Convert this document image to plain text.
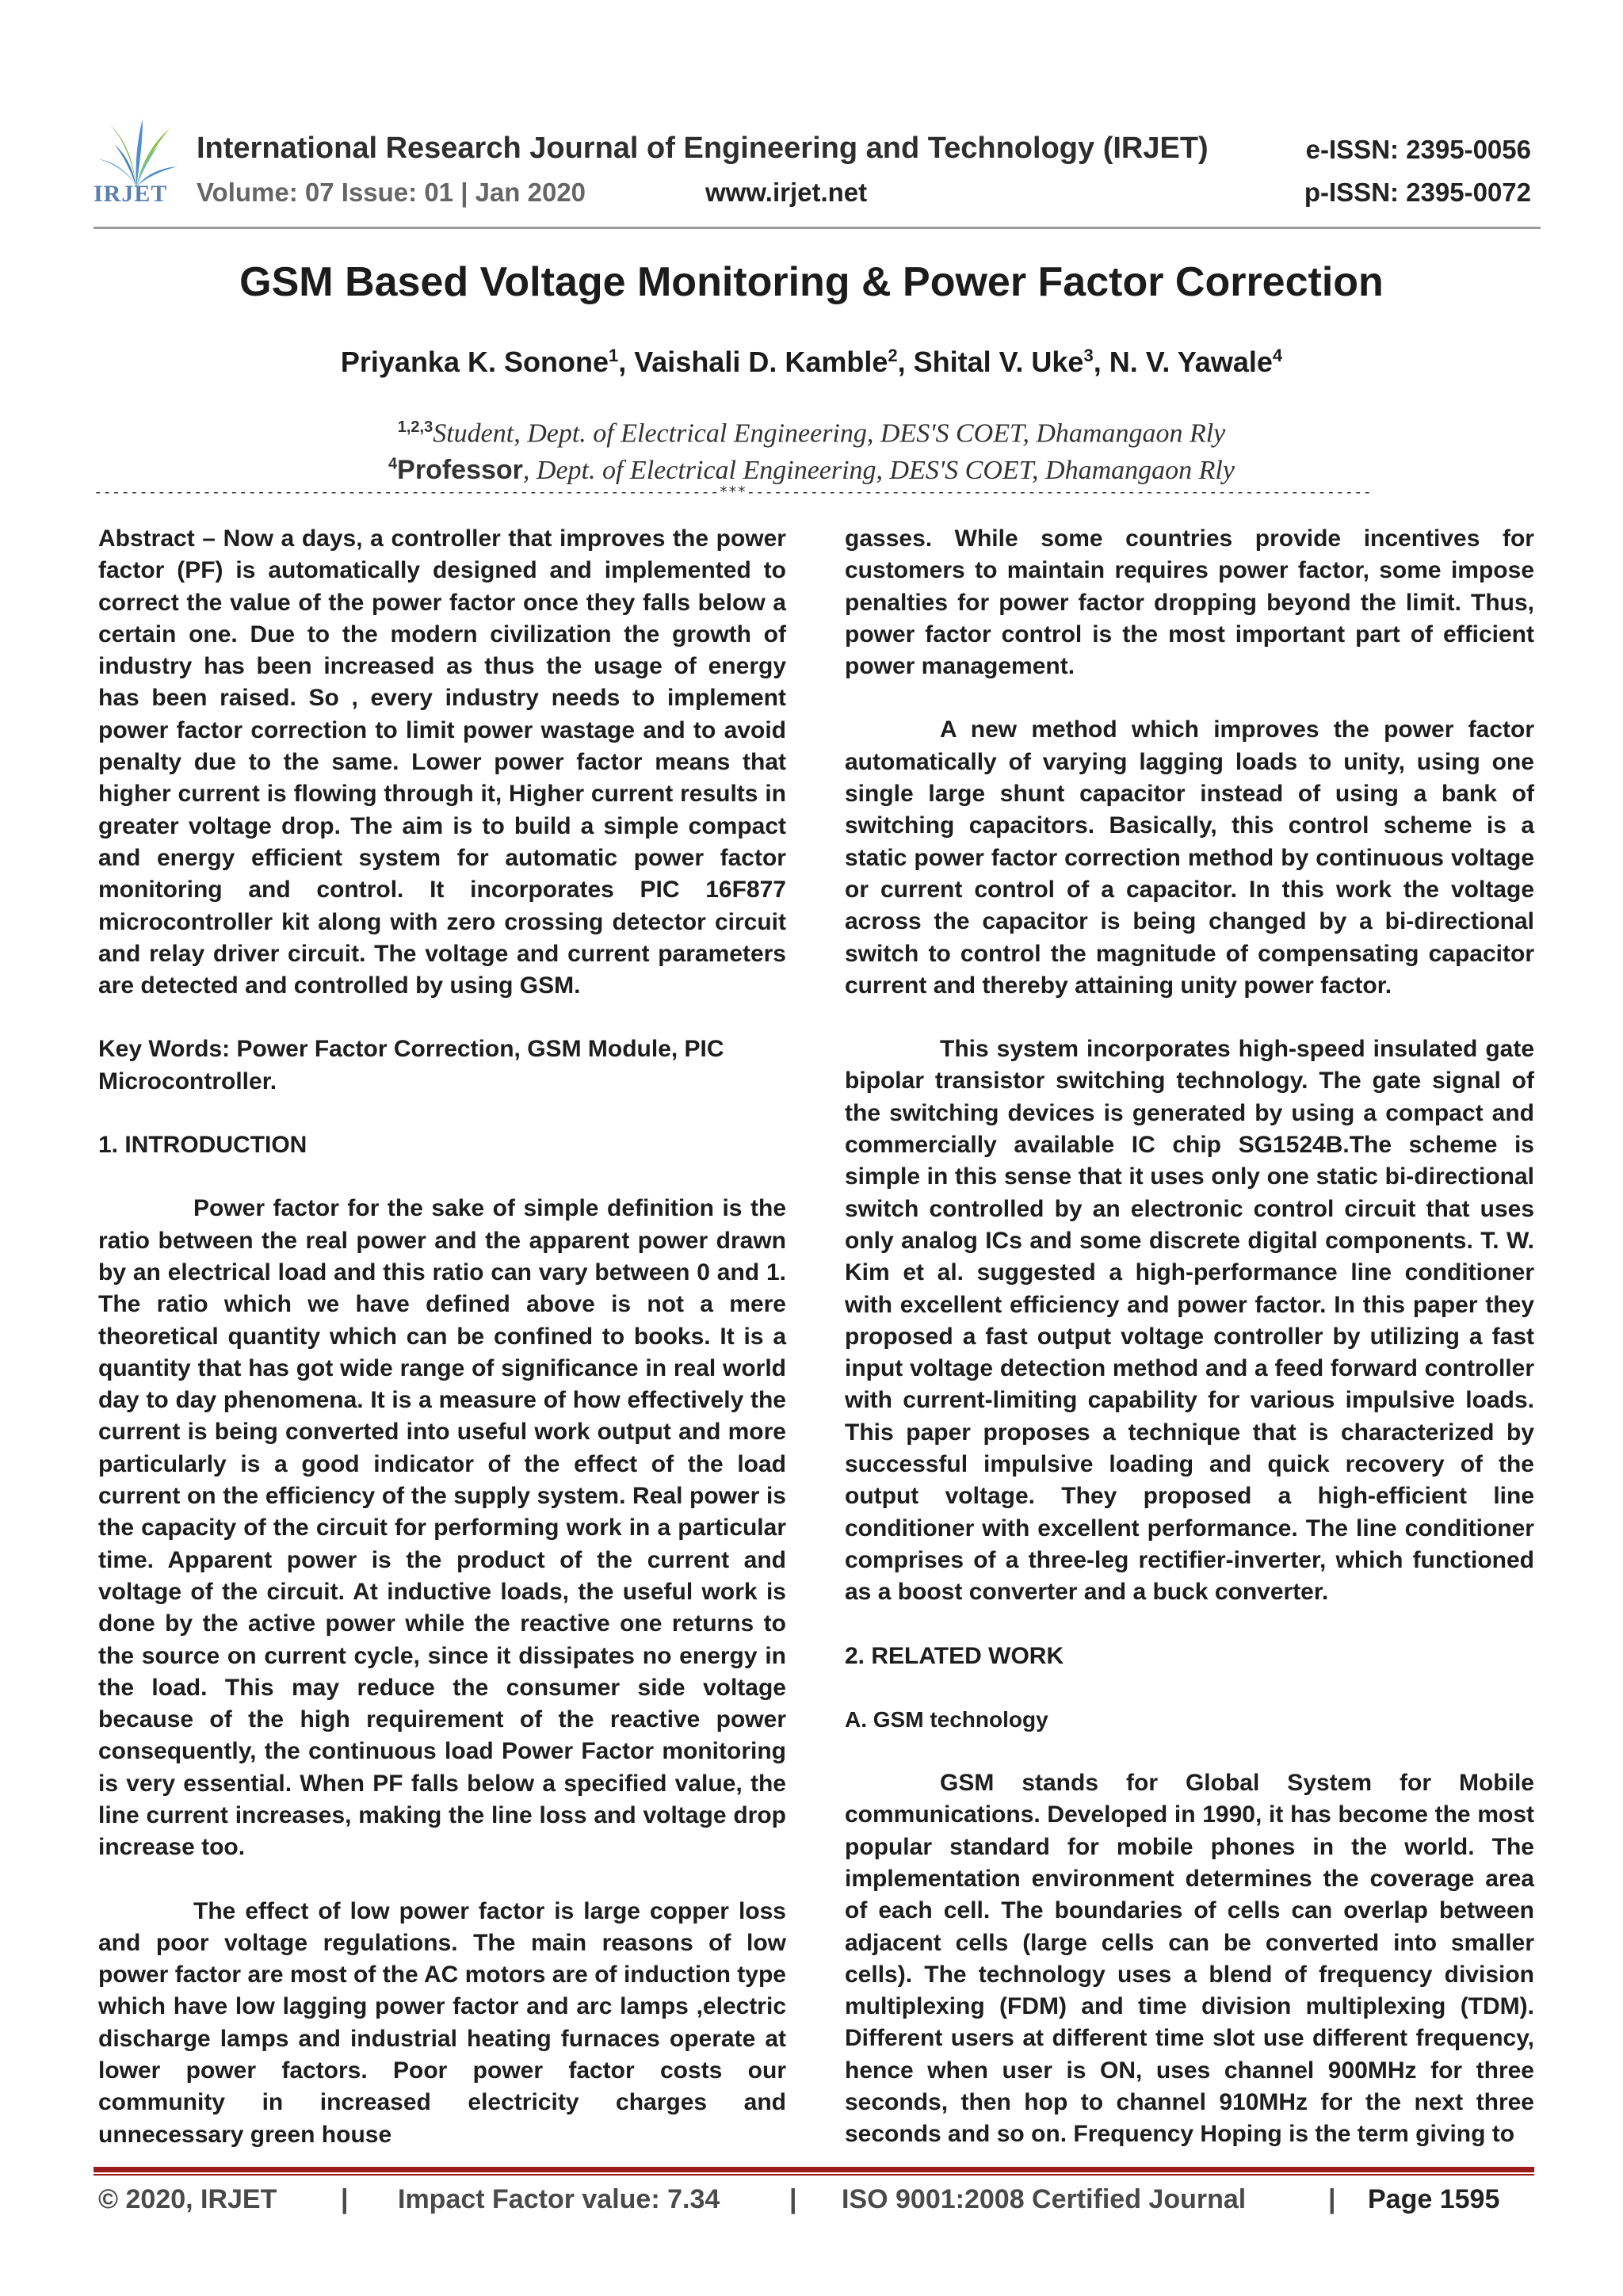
IRJET
International Research Journal of Engineering and Technology (IRJET)
Volume: 07 Issue: 01 | Jan 2020	www.irjet.net
e-ISSN: 2395-0056
p-ISSN: 2395-0072
GSM Based Voltage Monitoring & Power Factor Correction
Priyanka K. Sonone$^1$, Vaishali D. Kamble$^2$, Shital V. Uke$^3$, N. V. Yawale$^4$
$^{1,2,3}$Student, Dept. of Electrical Engineering, DES'S COET, Dhamangaon Rly
$^4$Professor, Dept. of Electrical Engineering, DES'S COET, Dhamangaon Rly
---------------------------------------------------------------------***---------------------------------------------------------------------

Abstract – Now a days, a controller that improves the power factor (PF) is automatically designed and implemented to correct the value of the power factor once they falls below a certain one. Due to the modern civilization the growth of industry has been increased as thus the usage of energy has been raised. So , every industry needs to implement power factor correction to limit power wastage and to avoid penalty due to the same. Lower power factor means that higher current is flowing through it, Higher current results in greater voltage drop. The aim is to build a simple compact and energy efficient system for automatic power factor monitoring and control. It incorporates PIC 16F877 microcontroller kit along with zero crossing detector circuit and relay driver circuit. The voltage and current parameters are detected and controlled by using GSM.

Key Words: Power Factor Correction, GSM Module, PIC Microcontroller.

1. INTRODUCTION

Power factor for the sake of simple definition is the ratio between the real power and the apparent power drawn by an electrical load and this ratio can vary between 0 and 1. The ratio which we have defined above is not a mere theoretical quantity which can be confined to books. It is a quantity that has got wide range of significance in real world day to day phenomena. It is a measure of how effectively the current is being converted into useful work output and more particularly is a good indicator of the effect of the load current on the efficiency of the supply system. Real power is the capacity of the circuit for performing work in a particular time. Apparent power is the product of the current and voltage of the circuit. At inductive loads, the useful work is done by the active power while the reactive one returns to the source on current cycle, since it dissipates no energy in the load. This may reduce the consumer side voltage because of the high requirement of the reactive power consequently, the continuous load Power Factor monitoring is very essential. When PF falls below a specified value, the line current increases, making the line loss and voltage drop increase too.

The effect of low power factor is large copper loss and poor voltage regulations. The main reasons of low power factor are most of the AC motors are of induction type which have low lagging power factor and arc lamps ,electric discharge lamps and industrial heating furnaces operate at lower power factors. Poor power factor costs our community in increased electricity charges and unnecessary green house

gasses. While some countries provide incentives for customers to maintain requires power factor, some impose penalties for power factor dropping beyond the limit. Thus, power factor control is the most important part of efficient power management.

A new method which improves the power factor automatically of varying lagging loads to unity, using one single large shunt capacitor instead of using a bank of switching capacitors. Basically, this control scheme is a static power factor correction method by continuous voltage or current control of a capacitor. In this work the voltage across the capacitor is being changed by a bi-directional switch to control the magnitude of compensating capacitor current and thereby attaining unity power factor.

This system incorporates high-speed insulated gate bipolar transistor switching technology. The gate signal of the switching devices is generated by using a compact and commercially available IC chip SG1524B.The scheme is simple in this sense that it uses only one static bi-directional switch controlled by an electronic control circuit that uses only analog ICs and some discrete digital components. T. W. Kim et al. suggested a high-performance line conditioner with excellent efficiency and power factor. In this paper they proposed a fast output voltage controller by utilizing a fast input voltage detection method and a feed forward controller with current-limiting capability for various impulsive loads. This paper proposes a technique that is characterized by successful impulsive loading and quick recovery of the output voltage. They proposed a high-efficient line conditioner with excellent performance. The line conditioner comprises of a three-leg rectifier-inverter, which functioned as a boost converter and a buck converter.

2. RELATED WORK

A. GSM technology

GSM stands for Global System for Mobile communications. Developed in 1990, it has become the most popular standard for mobile phones in the world. The implementation environment determines the coverage area of each cell. The boundaries of cells can overlap between adjacent cells (large cells can be converted into smaller cells). The technology uses a blend of frequency division multiplexing (FDM) and time division multiplexing (TDM). Different users at different time slot use different frequency, hence when user is ON, uses channel 900MHz for three seconds, then hop to channel 910MHz for the next three seconds and so on. Frequency Hoping is the term giving to

© 2020, IRJET | Impact Factor value: 7.34	| ISO 9001:2008 Certified Journal	| Page 1595
